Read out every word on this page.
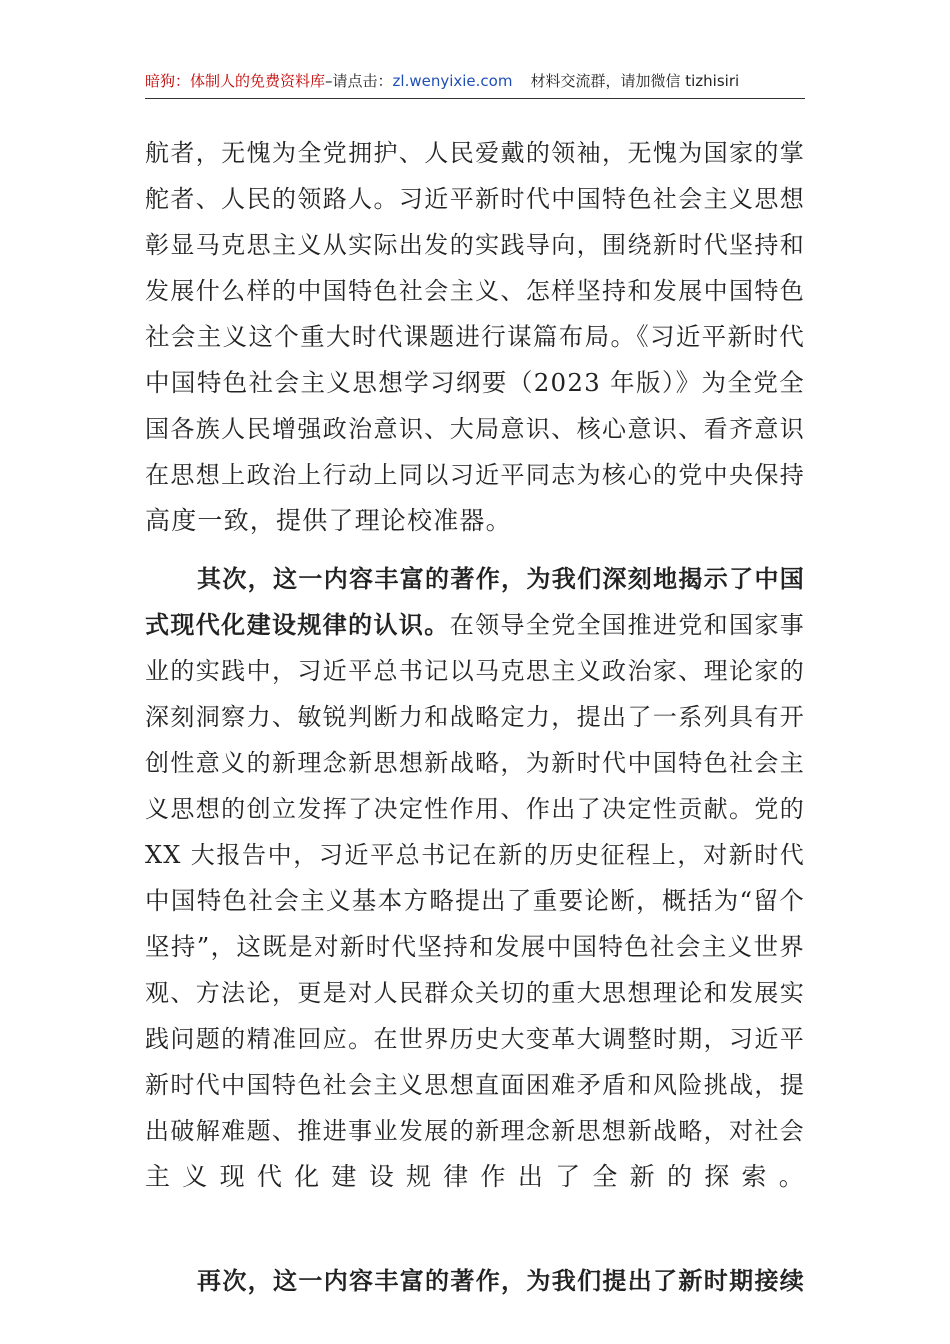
暗狗：体制人的免费资料库–请点击：zl.wenyixie.com 材料交流群，请加微信 tizhisiri
航者，无愧为全党拥护、人民爱戴的领袖，无愧为国家的掌
舵者、人民的领路人。习近平新时代中国特色社会主义思想
彰显马克思主义从实际出发的实践导向，围绕新时代坚持和
发展什么样的中国特色社会主义、怎样坚持和发展中国特色
社会主义这个重大时代课题进行谋篇布局。《习近平新时代
中国特色社会主义思想学习纲要（2023 年版）》为全党全
国各族人民增强政治意识、大局意识、核心意识、看齐意识
在思想上政治上行动上同以习近平同志为核心的党中央保持
高度一致，提供了理论校准器。
其次，这一内容丰富的著作，为我们深刻地揭示了中国
式现代化建设规律的认识。在领导全党全国推进党和国家事
业的实践中，习近平总书记以马克思主义政治家、理论家的
深刻洞察力、敏锐判断力和战略定力，提出了一系列具有开
创性意义的新理念新思想新战略，为新时代中国特色社会主
义思想的创立发挥了决定性作用、作出了决定性贡献。党的
XX 大报告中，习近平总书记在新的历史征程上，对新时代
中国特色社会主义基本方略提出了重要论断，概括为“留个
坚持”，这既是对新时代坚持和发展中国特色社会主义世界
观、方法论，更是对人民群众关切的重大思想理论和发展实
践问题的精准回应。在世界历史大变革大调整时期，习近平
新时代中国特色社会主义思想直面困难矛盾和风险挑战，提
出破解难题、推进事业发展的新理念新思想新战略，对社会
主义现代化建设规律作出了全新的探索。
再次，这一内容丰富的著作，为我们提出了新时期接续
